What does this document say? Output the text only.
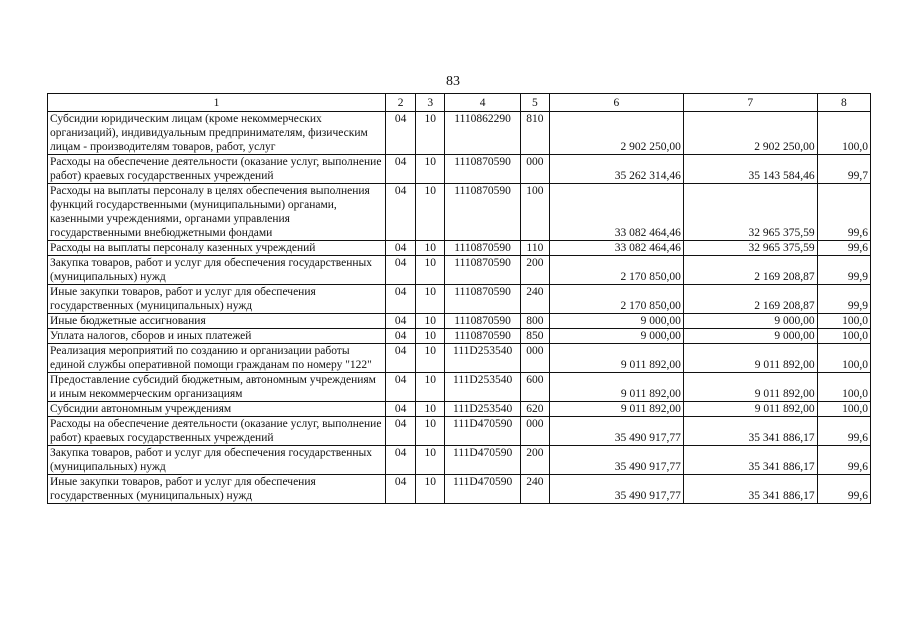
83
1	2	3	4	5	6	7	8
Субсидии юридическим лицам (кроме некоммерческих организаций), индивидуальным предпринимателям, физическим лицам - производителям товаров, работ, услуг	04	10	1110862290	810	2 902 250,00	2 902 250,00	100,0
Расходы на обеспечение деятельности (оказание услуг, выполнение работ) краевых государственных учреждений	04	10	1110870590	000	35 262 314,46	35 143 584,46	99,7
Расходы на выплаты персоналу в целях обеспечения выполнения функций государственными (муниципальными) органами, казенными учреждениями, органами управления государственными внебюджетными фондами	04	10	1110870590	100	33 082 464,46	32 965 375,59	99,6
Расходы на выплаты персоналу казенных учреждений	04	10	1110870590	110	33 082 464,46	32 965 375,59	99,6
Закупка товаров, работ и услуг для обеспечения государственных (муниципальных) нужд	04	10	1110870590	200	2 170 850,00	2 169 208,87	99,9
Иные закупки товаров, работ и услуг для обеспечения государственных (муниципальных) нужд	04	10	1110870590	240	2 170 850,00	2 169 208,87	99,9
Иные бюджетные ассигнования	04	10	1110870590	800	9 000,00	9 000,00	100,0
Уплата налогов, сборов и иных платежей	04	10	1110870590	850	9 000,00	9 000,00	100,0
Реализация мероприятий по созданию и организации работы единой службы оперативной помощи гражданам по номеру "122"	04	10	111D253540	000	9 011 892,00	9 011 892,00	100,0
Предоставление субсидий бюджетным, автономным учреждениям и иным некоммерческим организациям	04	10	111D253540	600	9 011 892,00	9 011 892,00	100,0
Субсидии автономным учреждениям	04	10	111D253540	620	9 011 892,00	9 011 892,00	100,0
Расходы на обеспечение деятельности (оказание услуг, выполнение работ) краевых государственных учреждений	04	10	111D470590	000	35 490 917,77	35 341 886,17	99,6
Закупка товаров, работ и услуг для обеспечения государственных (муниципальных) нужд	04	10	111D470590	200	35 490 917,77	35 341 886,17	99,6
Иные закупки товаров, работ и услуг для обеспечения государственных (муниципальных) нужд	04	10	111D470590	240	35 490 917,77	35 341 886,17	99,6
